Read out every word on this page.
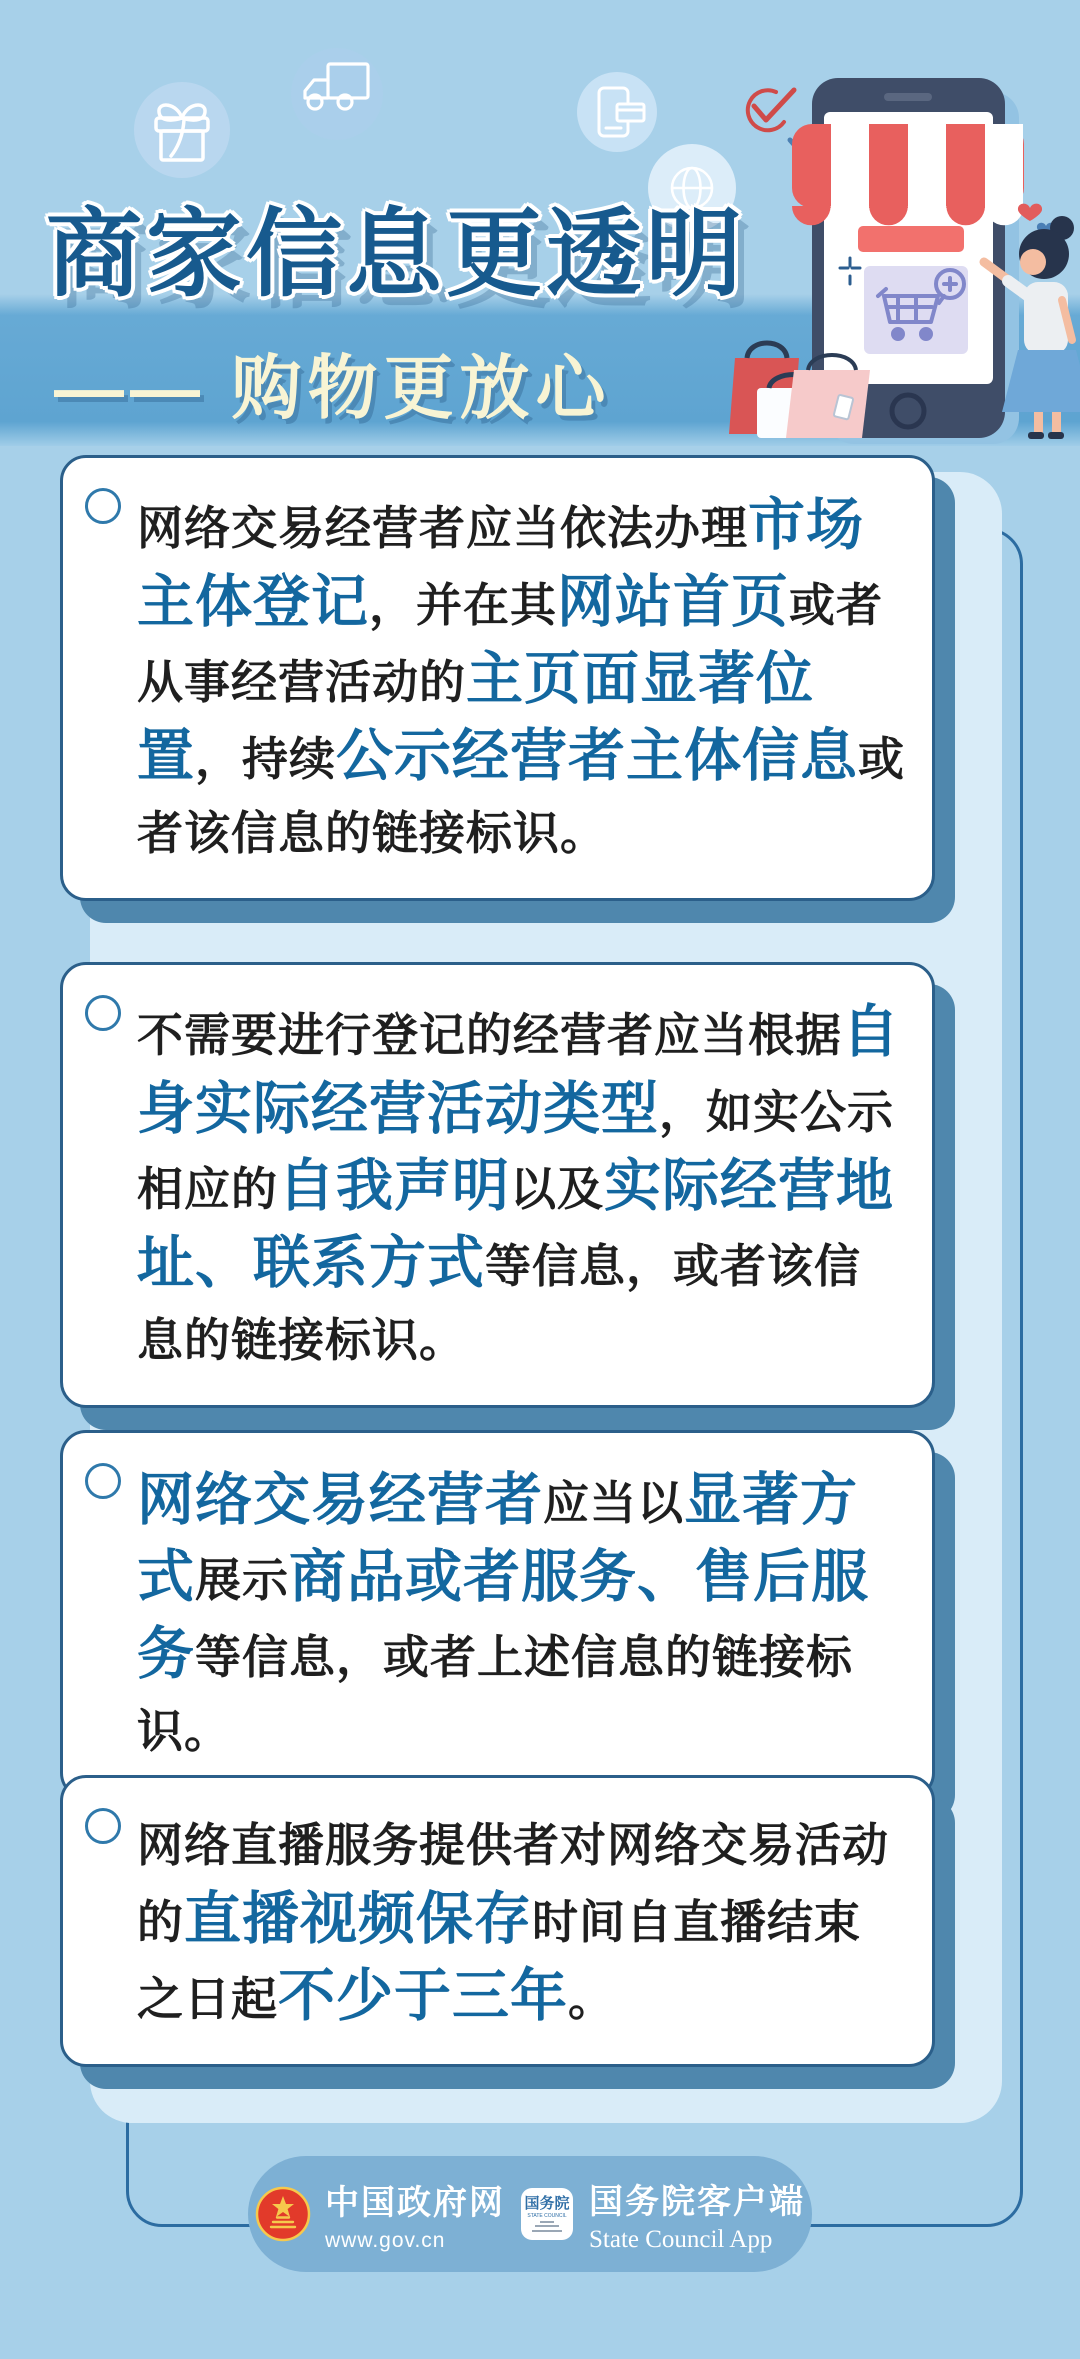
商家信息更透明
—— 购物更放心

网络交易经营者应当依法办理市场主体登记，并在其网站首页或者从事经营活动的主页面显著位置，持续公示经营者主体信息或者该信息的链接标识。

不需要进行登记的经营者应当根据自身实际经营活动类型，如实公示相应的自我声明以及实际经营地址、联系方式等信息，或者该信息的链接标识。

网络交易经营者应当以显著方式展示商品或者服务、售后服务等信息，或者上述信息的链接标识。

网络直播服务提供者对网络交易活动的直播视频保存时间自直播结束之日起不少于三年。

中国政府网
www.gov.cn
国务院
STATE COUNCIL 国务院客户端
State Council App
